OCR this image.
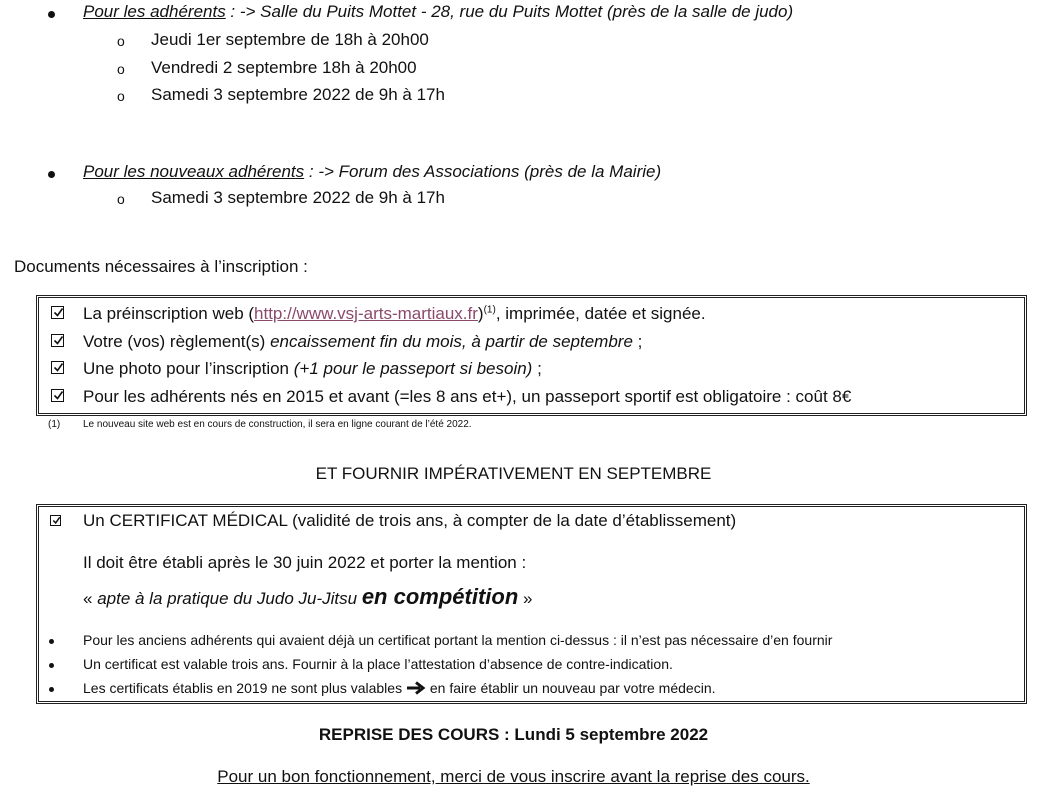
Pour les adhérents : -> Salle du Puits Mottet - 28, rue du Puits Mottet (près de la salle de judo)
o Jeudi 1er septembre de 18h à 20h00
o Vendredi 2 septembre 18h à 20h00
o Samedi 3 septembre 2022 de 9h à 17h
Pour les nouveaux adhérents : -> Forum des Associations (près de la Mairie)
o Samedi 3 septembre 2022 de 9h à 17h
Documents nécessaires à l’inscription :
La préinscription web (http://www.vsj-arts-martiaux.fr)$^{(1)}$, imprimée, datée et signée.
Votre (vos) règlement(s) encaissement fin du mois, à partir de septembre ;
Une photo pour l’inscription (+1 pour le passeport si besoin) ;
Pour les adhérents nés en 2015 et avant (=les 8 ans et+), un passeport sportif est obligatoire : coût 8€
(1) Le nouveau site web est en cours de construction, il sera en ligne courant de l’été 2022.
ET FOURNIR IMPÉRATIVEMENT EN SEPTEMBRE
Un CERTIFICAT MÉDICAL (validité de trois ans, à compter de la date d’établissement)
Il doit être établi après le 30 juin 2022 et porter la mention :
« apte à la pratique du Judo Ju-Jitsu en compétition »
Pour les anciens adhérents qui avaient déjà un certificat portant la mention ci-dessus : il n’est pas nécessaire d’en fournir
Un certificat est valable trois ans. Fournir à la place l’attestation d’absence de contre-indication.
Les certificats établis en 2019 ne sont plus valables  en faire établir un nouveau par votre médecin.
REPRISE DES COURS : Lundi 5 septembre 2022
Pour un bon fonctionnement, merci de vous inscrire avant la reprise des cours.
